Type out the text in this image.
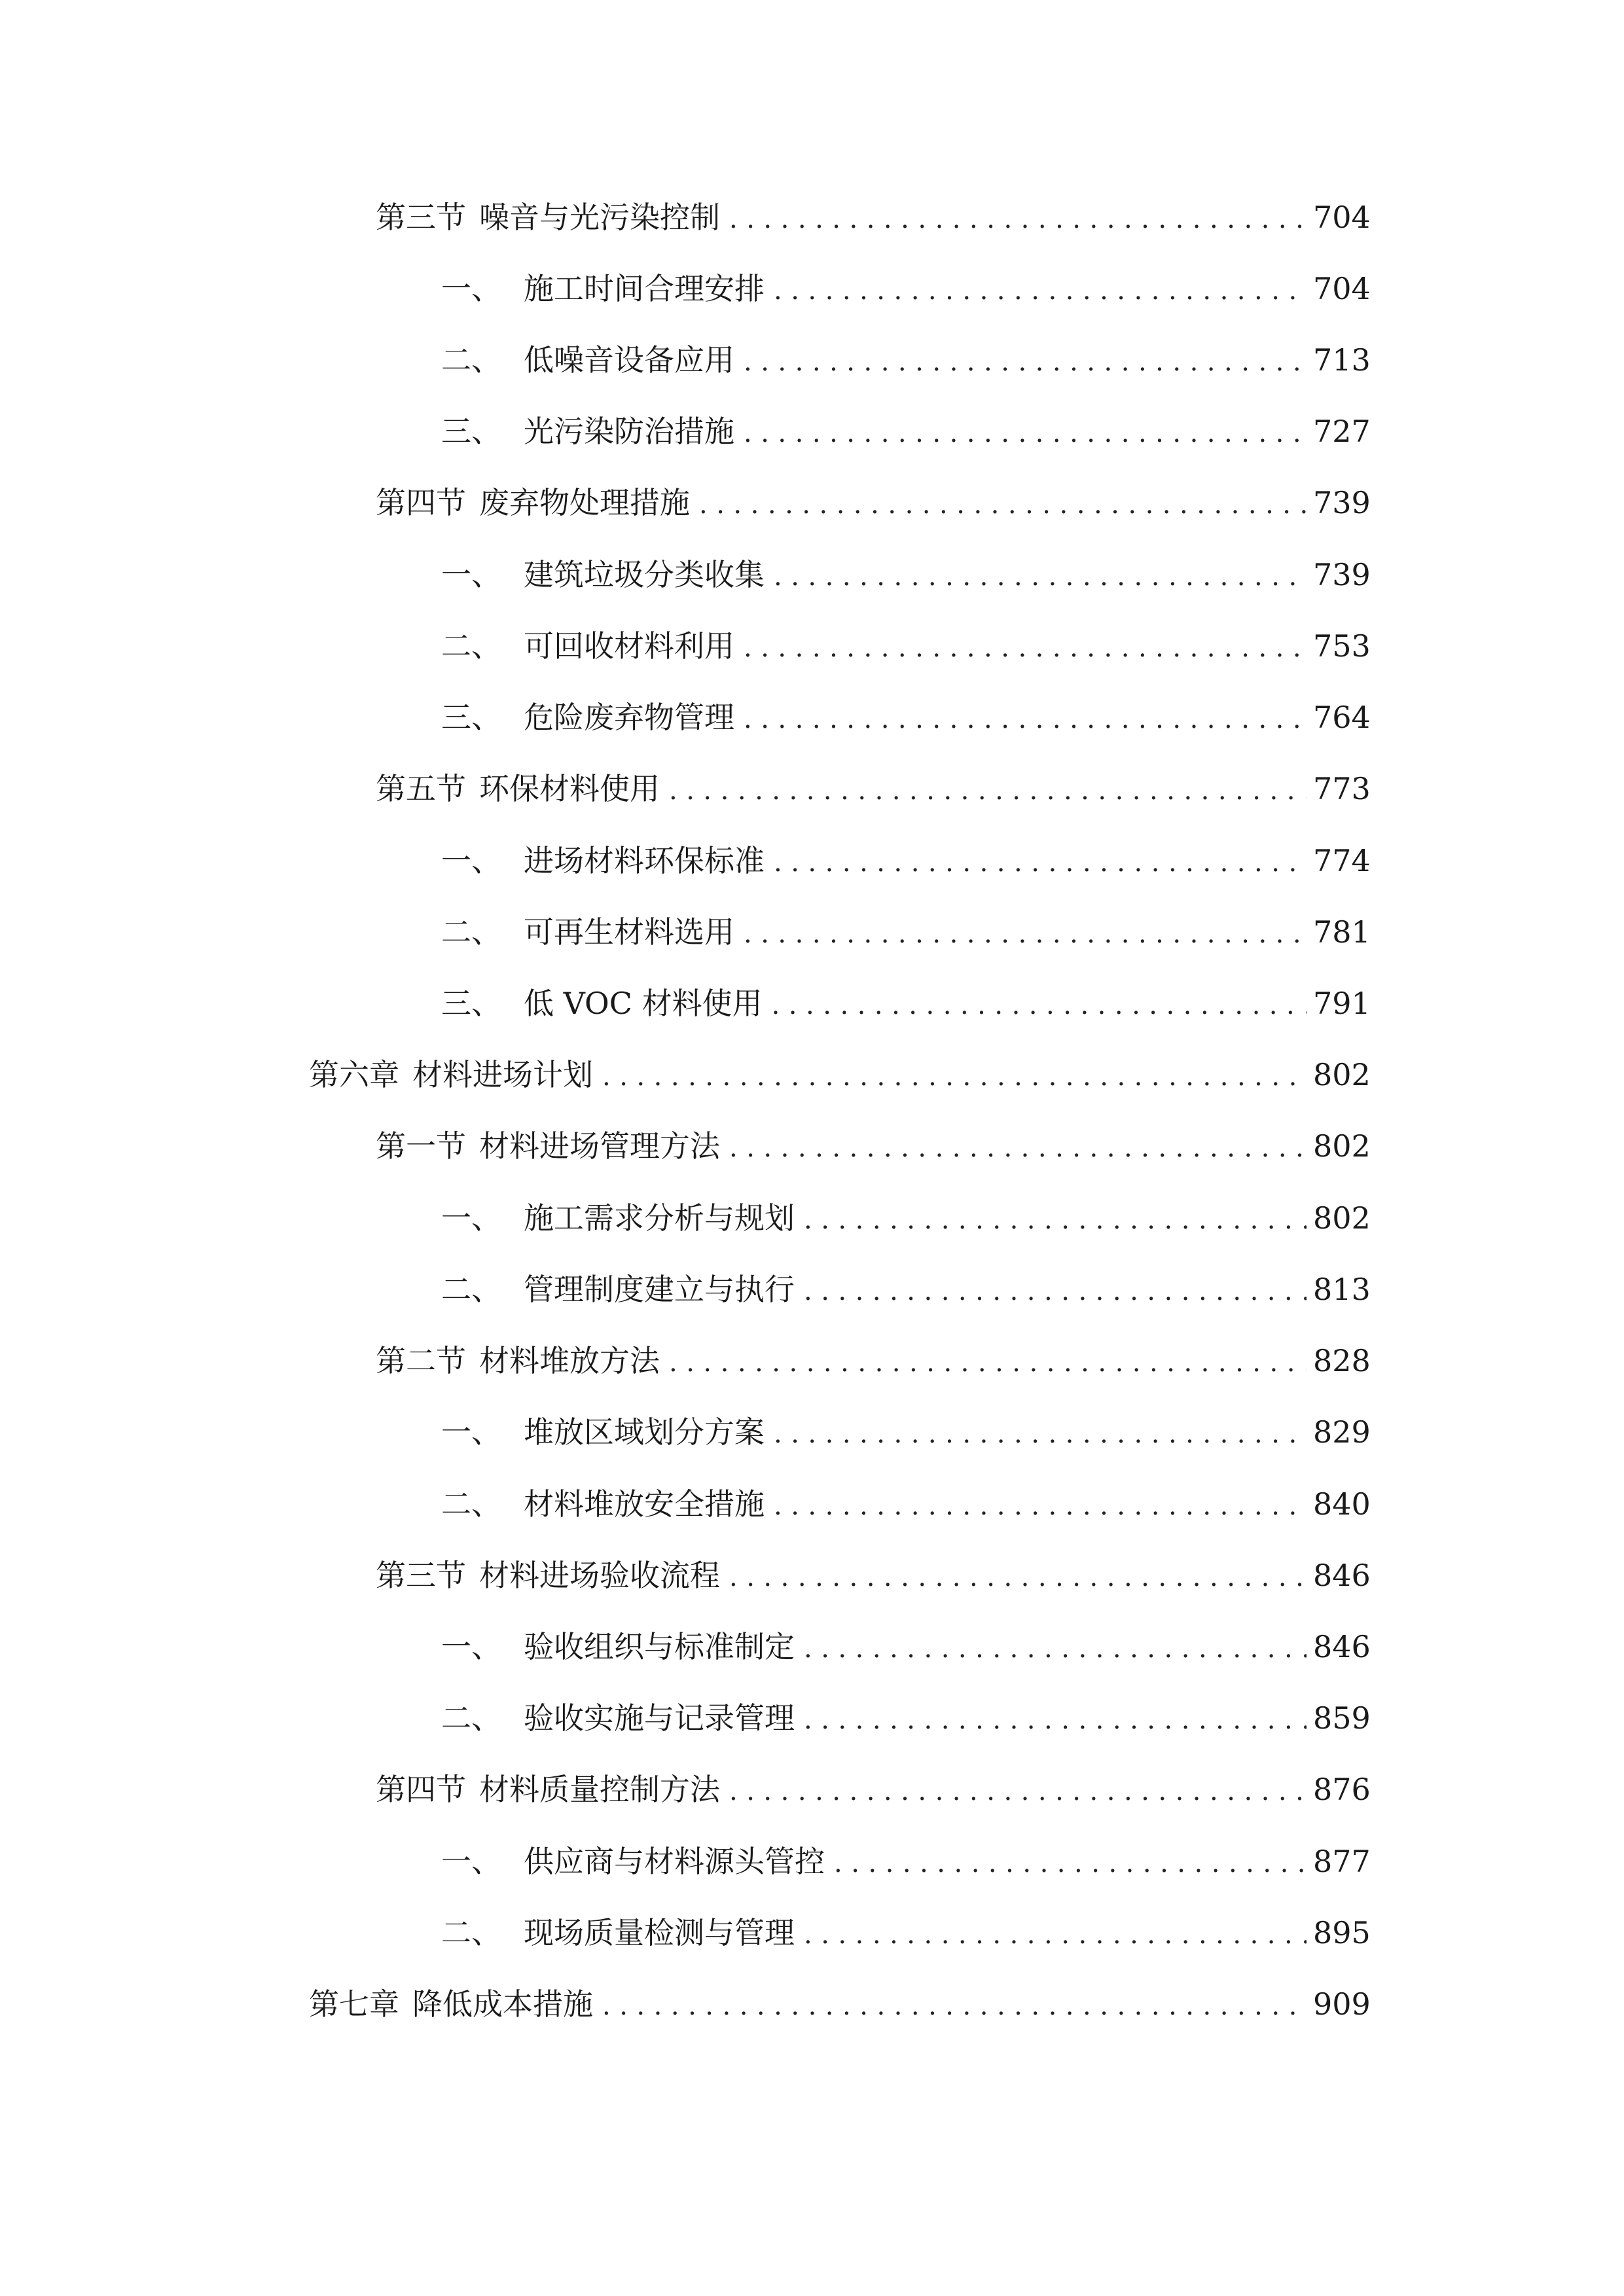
第三节 噪音与光污染控制 .....	704
一、 施工时间合理安排 .....	704
二、 低噪音设备应用 .....	713
三、 光污染防治措施 .....	727
第四节 废弃物处理措施 .....	739
一、 建筑垃圾分类收集 .....	739
二、 可回收材料利用 .....	753
三、 危险废弃物管理 .....	764
第五节 环保材料使用 .....	773
一、 进场材料环保标准 .....	774
二、 可再生材料选用 .....	781
三、 低 VOC 材料使用 .....	791
第六章 材料进场计划 .....	802
第一节 材料进场管理方法 .....	802
一、 施工需求分析与规划 .....	802
二、 管理制度建立与执行 .....	813
第二节 材料堆放方法 .....	828
一、 堆放区域划分方案 .....	829
二、 材料堆放安全措施 .....	840
第三节 材料进场验收流程 .....	846
一、 验收组织与标准制定 .....	846
二、 验收实施与记录管理 .....	859
第四节 材料质量控制方法 .....	876
一、 供应商与材料源头管控 .....	877
二、 现场质量检测与管理 .....	895
第七章 降低成本措施 .....	909
